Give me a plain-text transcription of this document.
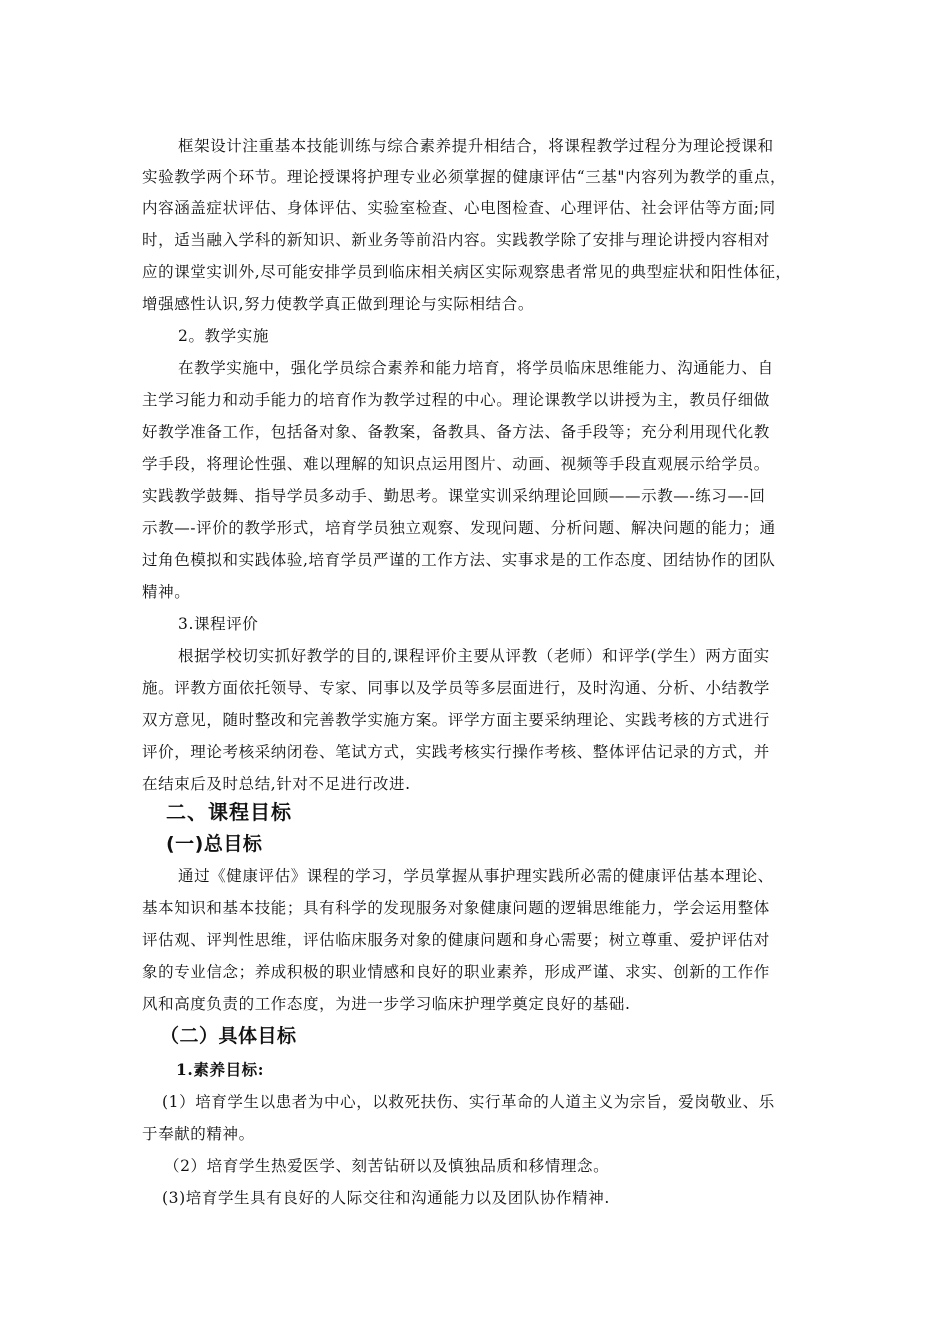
框架设计注重基本技能训练与综合素养提升相结合，将课程教学过程分为理论授课和
实验教学两个环节。理论授课将护理专业必须掌握的健康评估“三基"内容列为教学的重点，
内容涵盖症状评估、身体评估、实验室检查、心电图检查、心理评估、社会评估等方面;同
时，适当融入学科的新知识、新业务等前沿内容。实践教学除了安排与理论讲授内容相对
应的课堂实训外,尽可能安排学员到临床相关病区实际观察患者常见的典型症状和阳性体征，
增强感性认识,努力使教学真正做到理论与实际相结合。
2。教学实施
在教学实施中，强化学员综合素养和能力培育，将学员临床思维能力、沟通能力、自
主学习能力和动手能力的培育作为教学过程的中心。理论课教学以讲授为主，教员仔细做
好教学准备工作，包括备对象、备教案，备教具、备方法、备手段等；充分利用现代化教
学手段，将理论性强、难以理解的知识点运用图片、动画、视频等手段直观展示给学员。
实践教学鼓舞、指导学员多动手、勤思考。课堂实训采纳理论回顾——示教—-练习—-回
示教—-评价的教学形式，培育学员独立观察、发现问题、分析问题、解决问题的能力；通
过角色模拟和实践体验,培育学员严谨的工作方法、实事求是的工作态度、团结协作的团队
精神。
3.课程评价
根据学校切实抓好教学的目的,课程评价主要从评教（老师）和评学(学生）两方面实
施。评教方面依托领导、专家、同事以及学员等多层面进行，及时沟通、分析、小结教学
双方意见，随时整改和完善教学实施方案。评学方面主要采纳理论、实践考核的方式进行
评价，理论考核采纳闭卷、笔试方式，实践考核实行操作考核、整体评估记录的方式，并
在结束后及时总结,针对不足进行改进.
二、课程目标
(一)总目标
通过《健康评估》课程的学习，学员掌握从事护理实践所必需的健康评估基本理论、
基本知识和基本技能；具有科学的发现服务对象健康问题的逻辑思维能力，学会运用整体
评估观、评判性思维，评估临床服务对象的健康问题和身心需要；树立尊重、爱护评估对
象的专业信念；养成积极的职业情感和良好的职业素养，形成严谨、求实、创新的工作作
风和高度负责的工作态度，为进一步学习临床护理学奠定良好的基础.
（二）具体目标
1.素养目标:
(1）培育学生以患者为中心，以救死扶伤、实行革命的人道主义为宗旨，爱岗敬业、乐
于奉献的精神。
（2）培育学生热爱医学、刻苦钻研以及慎独品质和移情理念。
(3)培育学生具有良好的人际交往和沟通能力以及团队协作精神.
